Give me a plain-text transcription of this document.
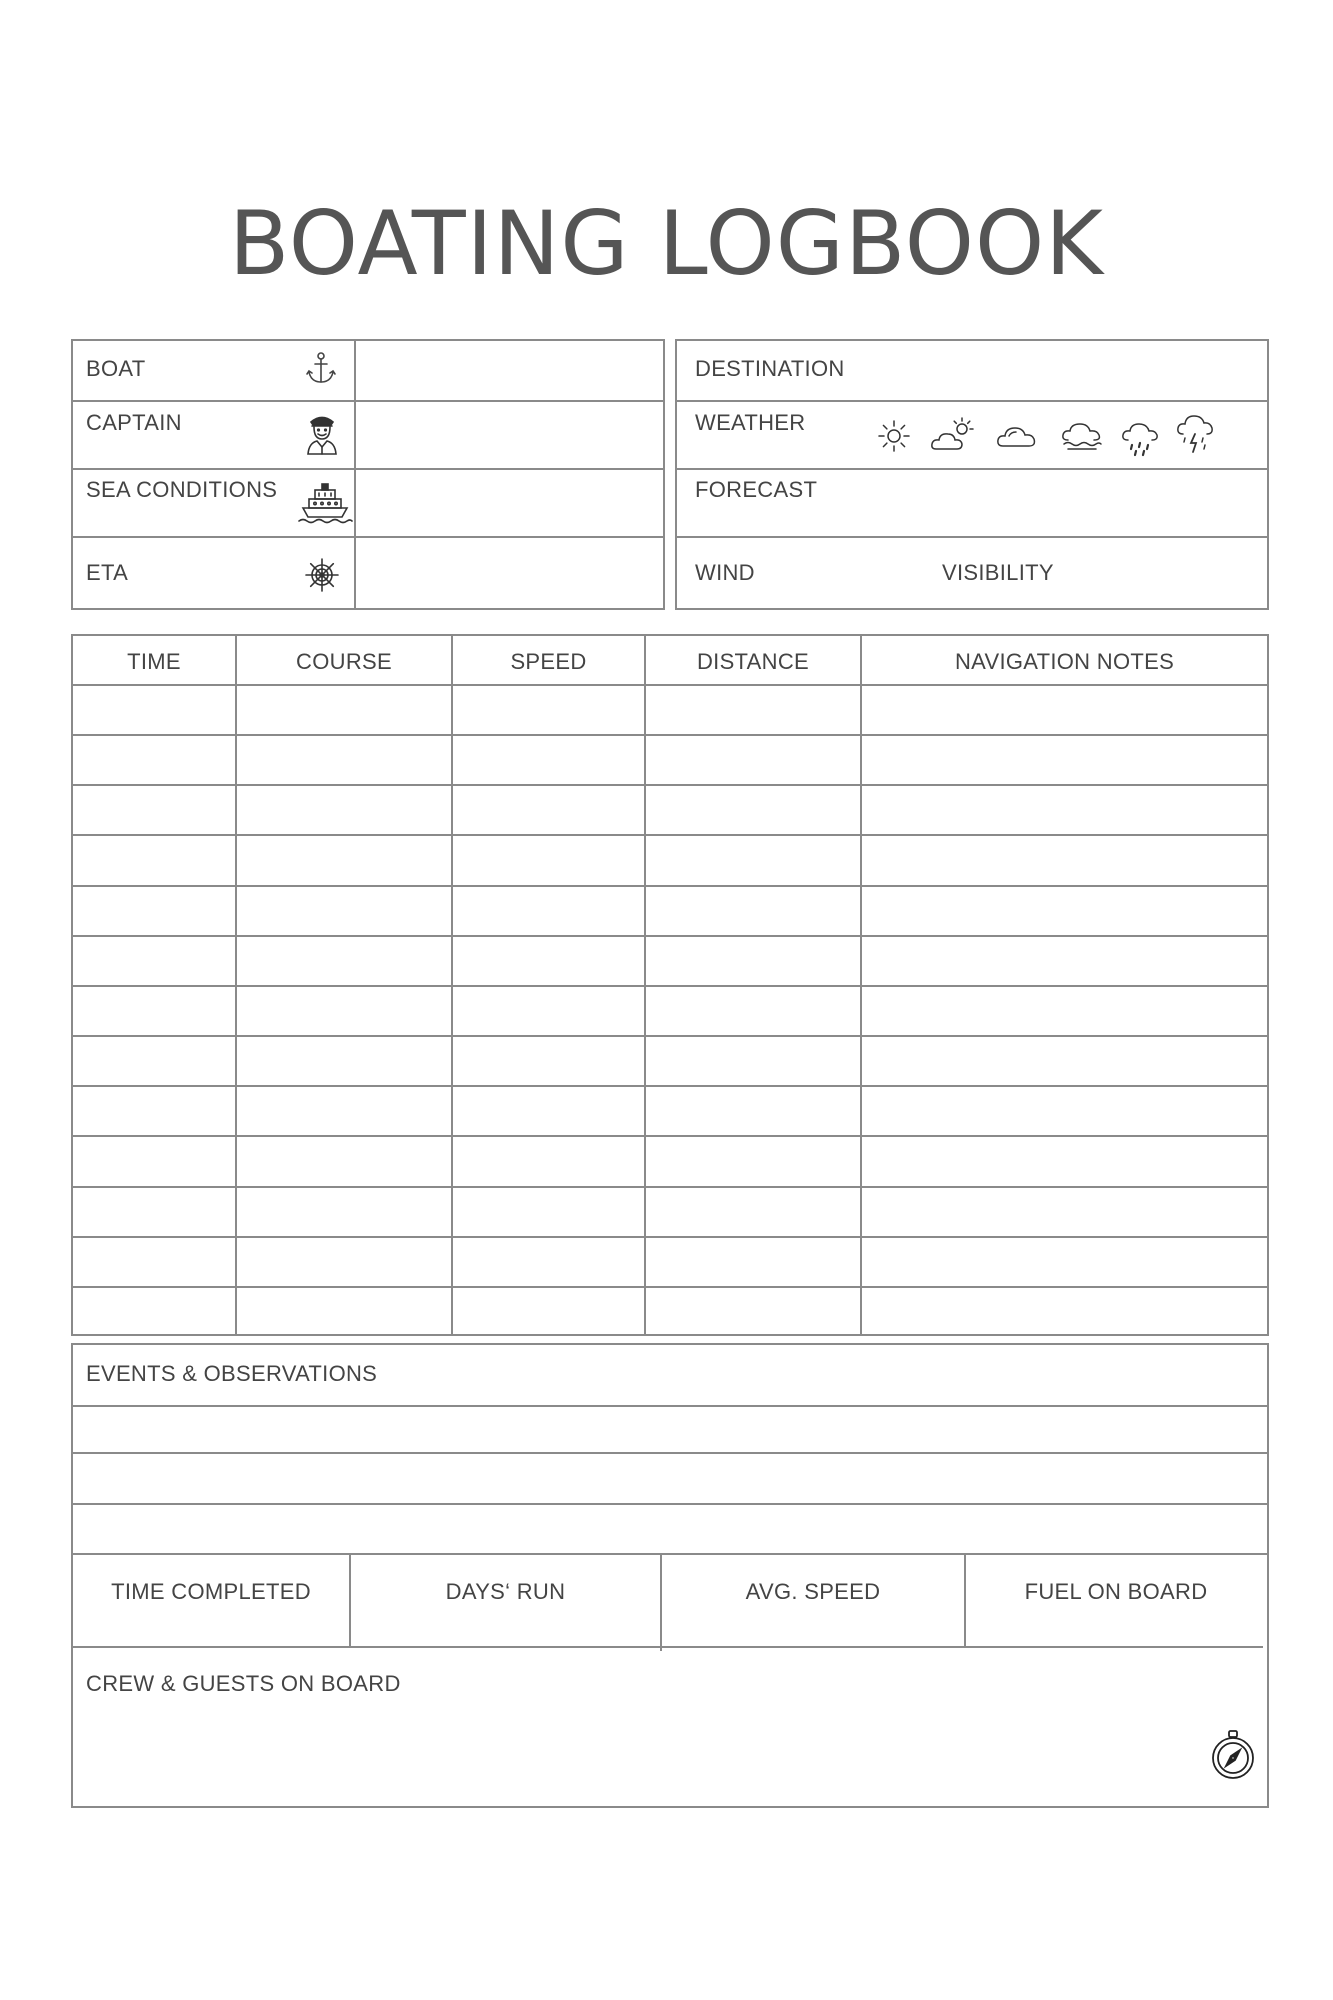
BOATING LOGBOOK
BOAT
CAPTAIN
SEA CONDITIONS
ETA
DESTINATION
WEATHER
FORECAST
WIND	VISIBILITY
TIME	COURSE	SPEED	DISTANCE	NAVIGATION NOTES
EVENTS & OBSERVATIONS
TIME COMPLETED	DAYS‘ RUN	AVG. SPEED	FUEL ON BOARD
CREW & GUESTS ON BOARD
